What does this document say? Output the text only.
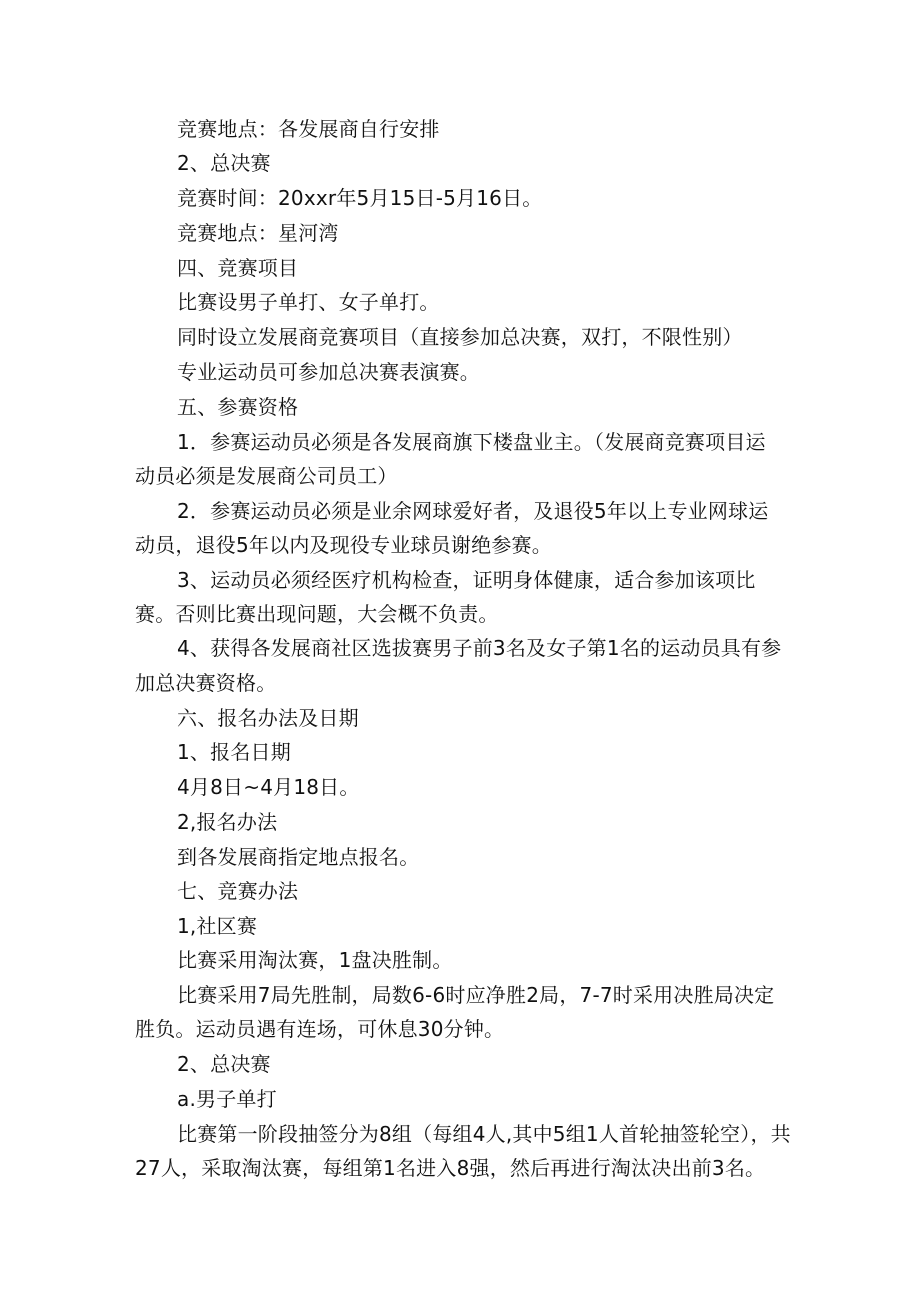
竞赛地点：各发展商自行安排
2、总决赛
竞赛时间：20xxr年5月15日-5月16日。
竞赛地点：星河湾
四、竞赛项目
比赛设男子单打、女子单打。
同时设立发展商竞赛项目（直接参加总决赛，双打，不限性别）
专业运动员可参加总决赛表演赛。
五、参赛资格
1．参赛运动员必须是各发展商旗下楼盘业主。（发展商竞赛项目运
动员必须是发展商公司员工）
2．参赛运动员必须是业余网球爱好者，及退役5年以上专业网球运
动员，退役5年以内及现役专业球员谢绝参赛。
3、运动员必须经医疗机构检查，证明身体健康，适合参加该项比
赛。否则比赛出现问题，大会概不负责。
4、获得各发展商社区选拔赛男子前3名及女子第1名的运动员具有参
加总决赛资格。
六、报名办法及日期
1、报名日期
4月8日~4月18日。
2,报名办法
到各发展商指定地点报名。
七、竞赛办法
1,社区赛
比赛采用淘汰赛，1盘决胜制。
比赛采用7局先胜制，局数6-6时应净胜2局，7-7时采用决胜局决定
胜负。运动员遇有连场，可休息30分钟。
2、总决赛
a.男子单打
比赛第一阶段抽签分为8组（每组4人,其中5组1人首轮抽签轮空），共
27人，采取淘汰赛，每组第1名进入8强，然后再进行淘汰决出前3名。
